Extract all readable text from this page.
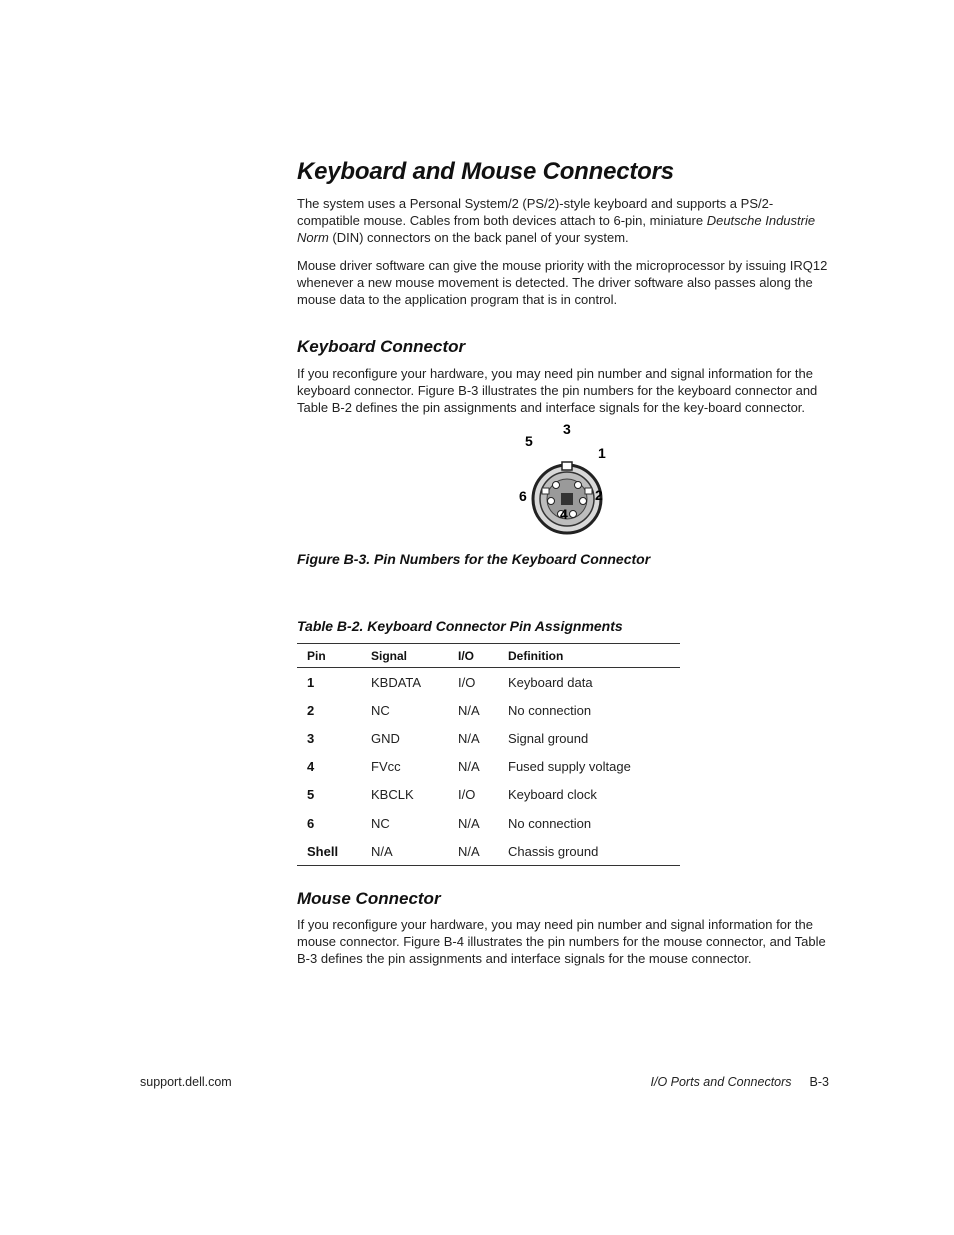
Keyboard and Mouse Connectors

The system uses a Personal System/2 (PS/2)-style keyboard and supports a PS/2-compatible mouse. Cables from both devices attach to 6-pin, miniature Deutsche Industrie Norm (DIN) connectors on the back panel of your system.

Mouse driver software can give the mouse priority with the microprocessor by issuing IRQ12 whenever a new mouse movement is detected. The driver software also passes along the mouse data to the application program that is in control.

Keyboard Connector

If you reconfigure your hardware, you may need pin number and signal information for the keyboard connector. Figure B-3 illustrates the pin numbers for the keyboard connector and Table B-2 defines the pin assignments and interface signals for the key-board connector.

1
2
3
4
5
6

Figure B-3. Pin Numbers for the Keyboard Connector

Table B-2. Keyboard Connector Pin Assignments

Pin	Signal	I/O	Definition
1	KBDATA	I/O	Keyboard data
2	NC	N/A	No connection
3	GND	N/A	Signal ground
4	FVcc	N/A	Fused supply voltage
5	KBCLK	I/O	Keyboard clock
6	NC	N/A	No connection
Shell	N/A	N/A	Chassis ground
Mouse Connector

If you reconfigure your hardware, you may need pin number and signal information for the mouse connector. Figure B-4 illustrates the pin numbers for the mouse connector, and Table B-3 defines the pin assignments and interface signals for the mouse connector.

support.dell.com	I/O Ports and Connectors B-3
